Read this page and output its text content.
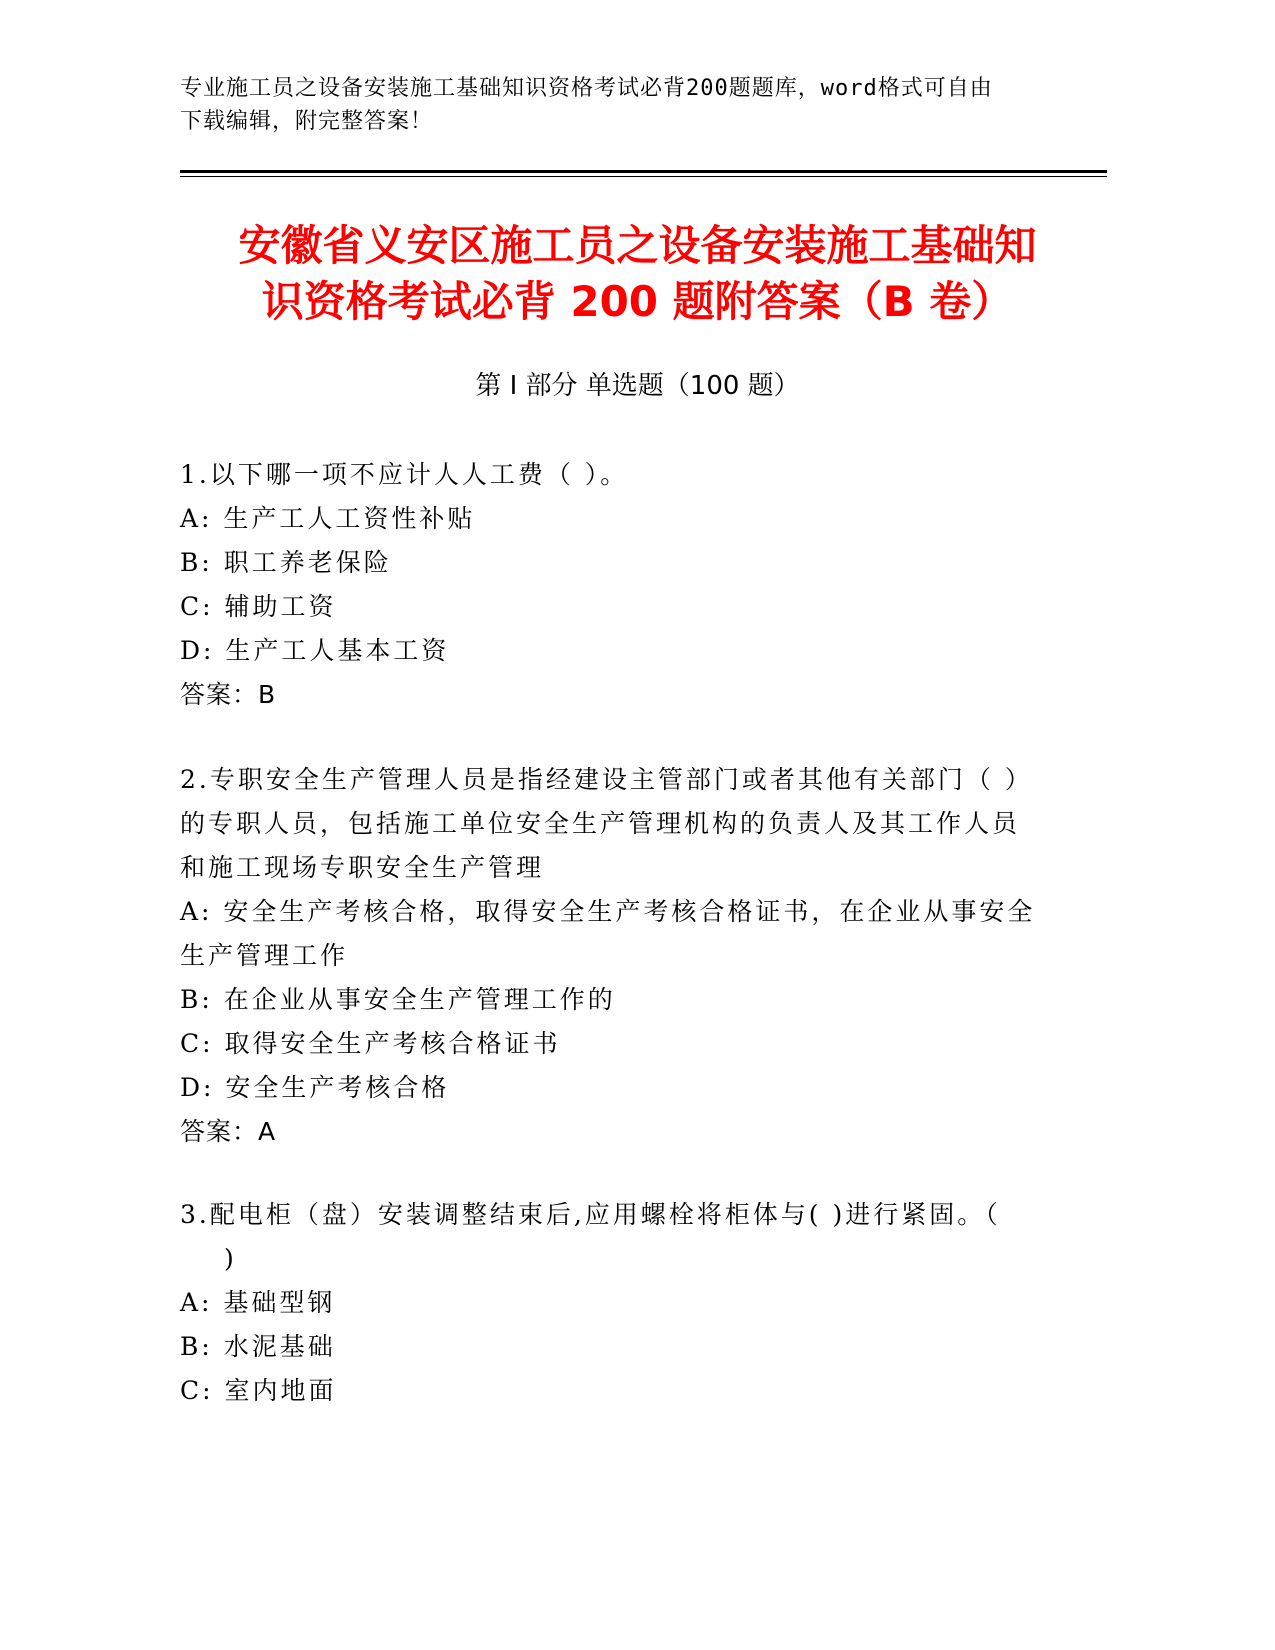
专业施工员之设备安装施工基础知识资格考试必背200题题库，word格式可自由
下载编辑，附完整答案！
安徽省义安区施工员之设备安装施工基础知
识资格考试必背 200 题附答案（B 卷）
第 I 部分 单选题（100 题）
1.以下哪一项不应计人人工费（ ）。
A: 生产工人工资性补贴
B: 职工养老保险
C: 辅助工资
D: 生产工人基本工资
答案：B
2.专职安全生产管理人员是指经建设主管部门或者其他有关部门（ ）的专职人员，包括施工单位安全生产管理机构的负责人及其工作人员和施工现场专职安全生产管理
A: 安全生产考核合格，取得安全生产考核合格证书，在企业从事安全生产管理工作
B: 在企业从事安全生产管理工作的
C: 取得安全生产考核合格证书
D: 安全生产考核合格
答案：A
3.配电柜（盘）安装调整结束后,应用螺栓将柜体与( )进行紧固。（
)
A: 基础型钢
B: 水泥基础
C: 室内地面
